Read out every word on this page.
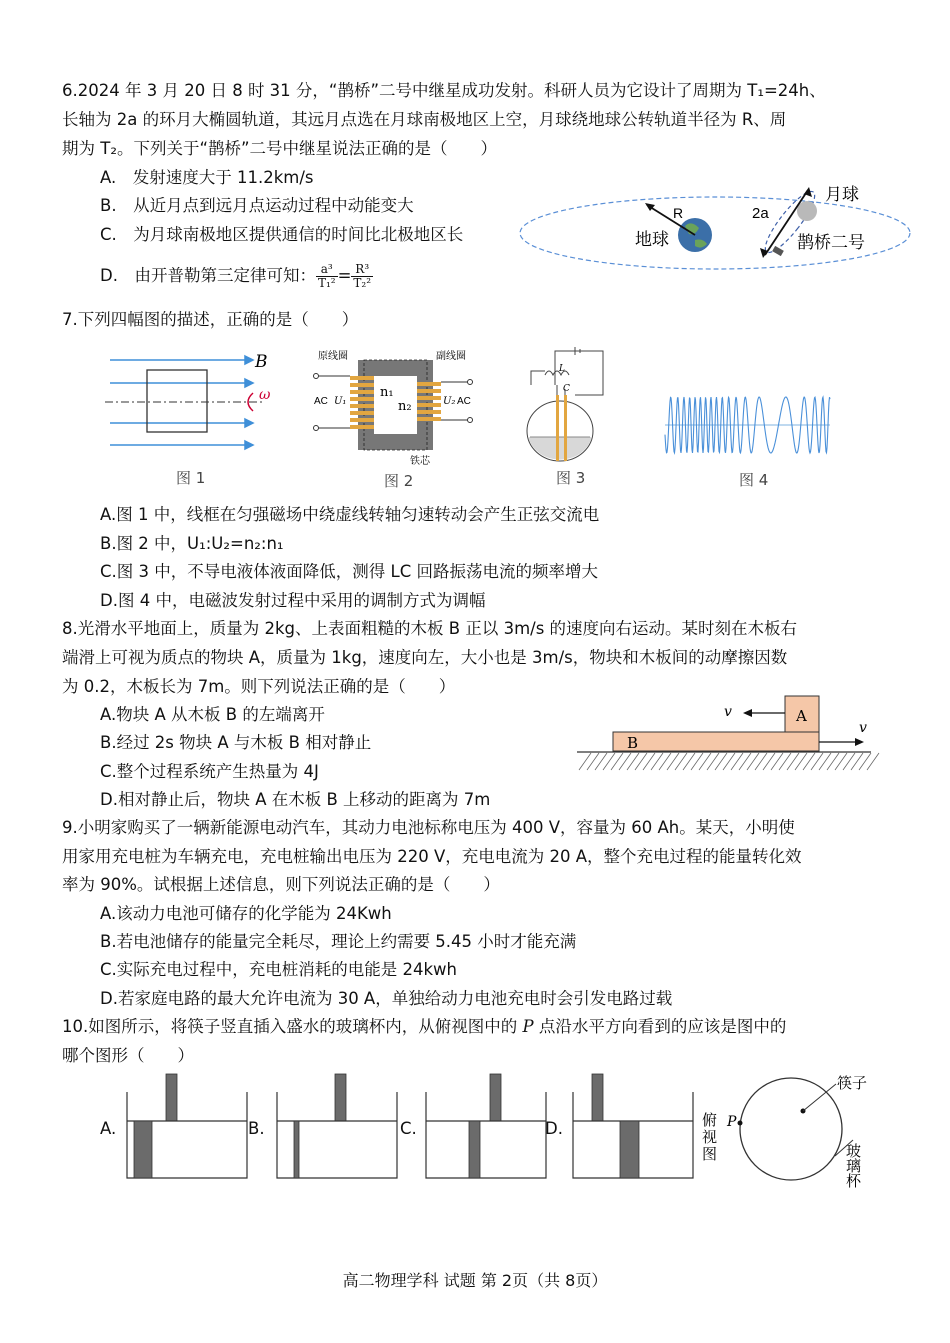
6.2024 年 3 月 20 日 8 时 31 分，“鹊桥”二号中继星成功发射。科研人员为它设计了周期为 T₁=24h、
长轴为 2a 的环月大椭圆轨道，其远月点选在月球南极地区上空，月球绕地球公转轨道半径为 R、周
期为 T₂。下列关于“鹊桥”二号中继星说法正确的是（　　）
A.　发射速度大于 11.2km/s
B.　从近月点到远月点运动过程中动能变大
C.　为月球南极地区提供通信的时间比北极地区长
D.　由开普勒第三定律可知： $\frac{\text{a³}}{\text{T₁²}} = \frac{\text{R³}}{\text{T₂²}}$
R
地球
2a
月球
鹊桥二号
7.下列四幅图的描述，正确的是（　　）
B
ω
图 1
原线圈	副线圈
AC U₁	U₂ AC
n₁
n₂
铁芯
图 2
L
C
图 3	图 4
A.图 1 中，线框在匀强磁场中绕虚线转轴匀速转动会产生正弦交流电
B.图 2 中，U₁:U₂=n₂:n₁
C.图 3 中，不导电液体液面降低，测得 LC 回路振荡电流的频率增大
D.图 4 中，电磁波发射过程中采用的调制方式为调幅
8.光滑水平地面上，质量为 2kg、上表面粗糙的木板 B 正以 3m/s 的速度向右运动。某时刻在木板右
端滑上可视为质点的物块 A，质量为 1kg，速度向左，大小也是 3m/s，物块和木板间的动摩擦因数
为 0.2，木板长为 7m。则下列说法正确的是（　　）
A.物块 A 从木板 B 的左端离开
B.经过 2s 物块 A 与木板 B 相对静止
C.整个过程系统产生热量为 4J
D.相对静止后，物块 A 在木板 B 上移动的距离为 7m
B
A
v
v
9.小明家购买了一辆新能源电动汽车，其动力电池标称电压为 400 V，容量为 60 Ah。某天，小明使
用家用充电桩为车辆充电，充电桩输出电压为 220 V，充电电流为 20 A，整个充电过程的能量转化效
率为 90%。试根据上述信息，则下列说法正确的是（　　）
A.该动力电池可储存的化学能为 24Kwh
B.若电池储存的能量完全耗尽，理论上约需要 5.45 小时才能充满
C.实际充电过程中，充电桩消耗的电能是 24kwh
D.若家庭电路的最大允许电流为 30 A，单独给动力电池充电时会引发电路过载
10.如图所示，将筷子竖直插入盛水的玻璃杯内，从俯视图中的 P 点沿水平方向看到的应该是图中的
哪个图形（　　）
A.	B.	C.	D.	俯视图 P
筷子
玻璃杯
高二物理学科 试题 第 2页（共 8页）
